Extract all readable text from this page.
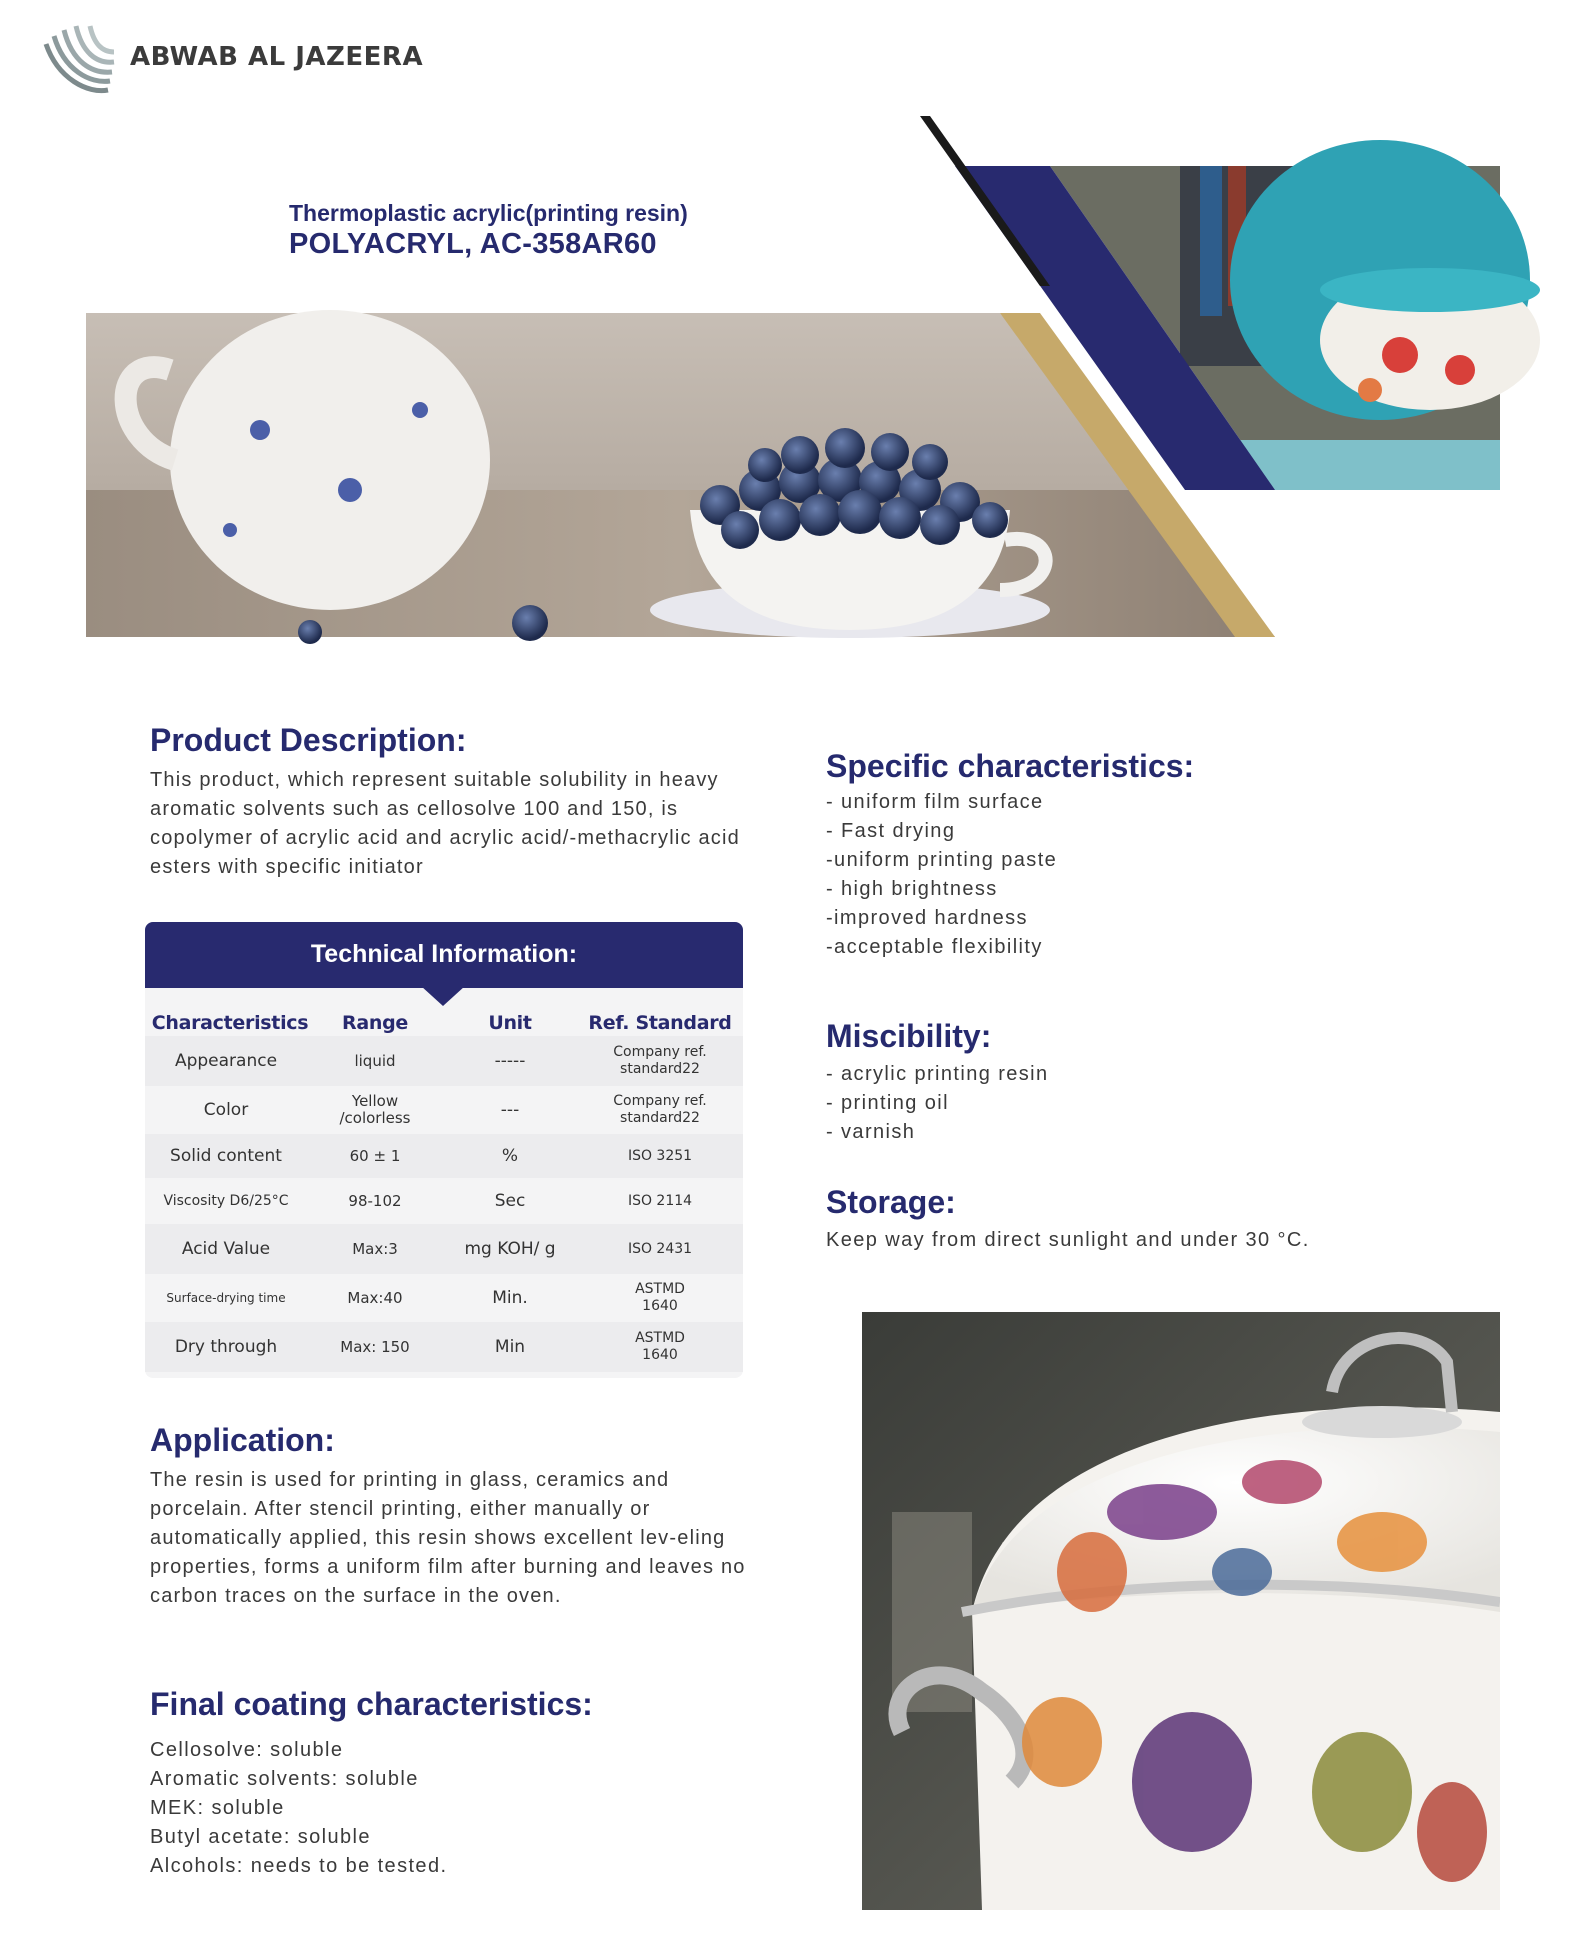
ABWAB AL JAZEERA
Thermoplastic acrylic(printing resin)
POLYACRYL, AC-358AR60
Product Description:
This product, which represent suitable solubility in heavy aromatic solvents such as cellosolve 100 and 150, is copolymer of acrylic acid and acrylic acid/-methacrylic acid esters with specific initiator
Technical Information:
Characteristics	Range	Unit	Ref. Standard
Appearance	liquid	-----	Company ref. standard22
Color	Yellow /colorless	---	Company ref. standard22
Solid content	60 ± 1	%	ISO 3251
Viscosity D6/25°C	98-102	Sec	ISO 2114
Acid Value	Max:3	mg KOH/ g	ISO 2431
Surface-drying time	Max:40	Min.	ASTMD 1640
Dry through	Max: 150	Min	ASTMD 1640
Application:
The resin is used for printing in glass, ceramics and porcelain. After stencil printing, either manually or automatically applied, this resin shows excellent lev-eling properties, forms a uniform film after burning and leaves no carbon traces on the surface in the oven.
Final coating characteristics:
Cellosolve: soluble
Aromatic solvents: soluble
MEK: soluble
Butyl acetate: soluble
Alcohols: needs to be tested.
Specific characteristics:
- uniform film surface
- Fast drying
-uniform printing paste
- high brightness
-improved hardness
-acceptable flexibility
Miscibility:
- acrylic printing resin
- printing oil
- varnish
Storage:
Keep way from direct sunlight and under 30 °C.
